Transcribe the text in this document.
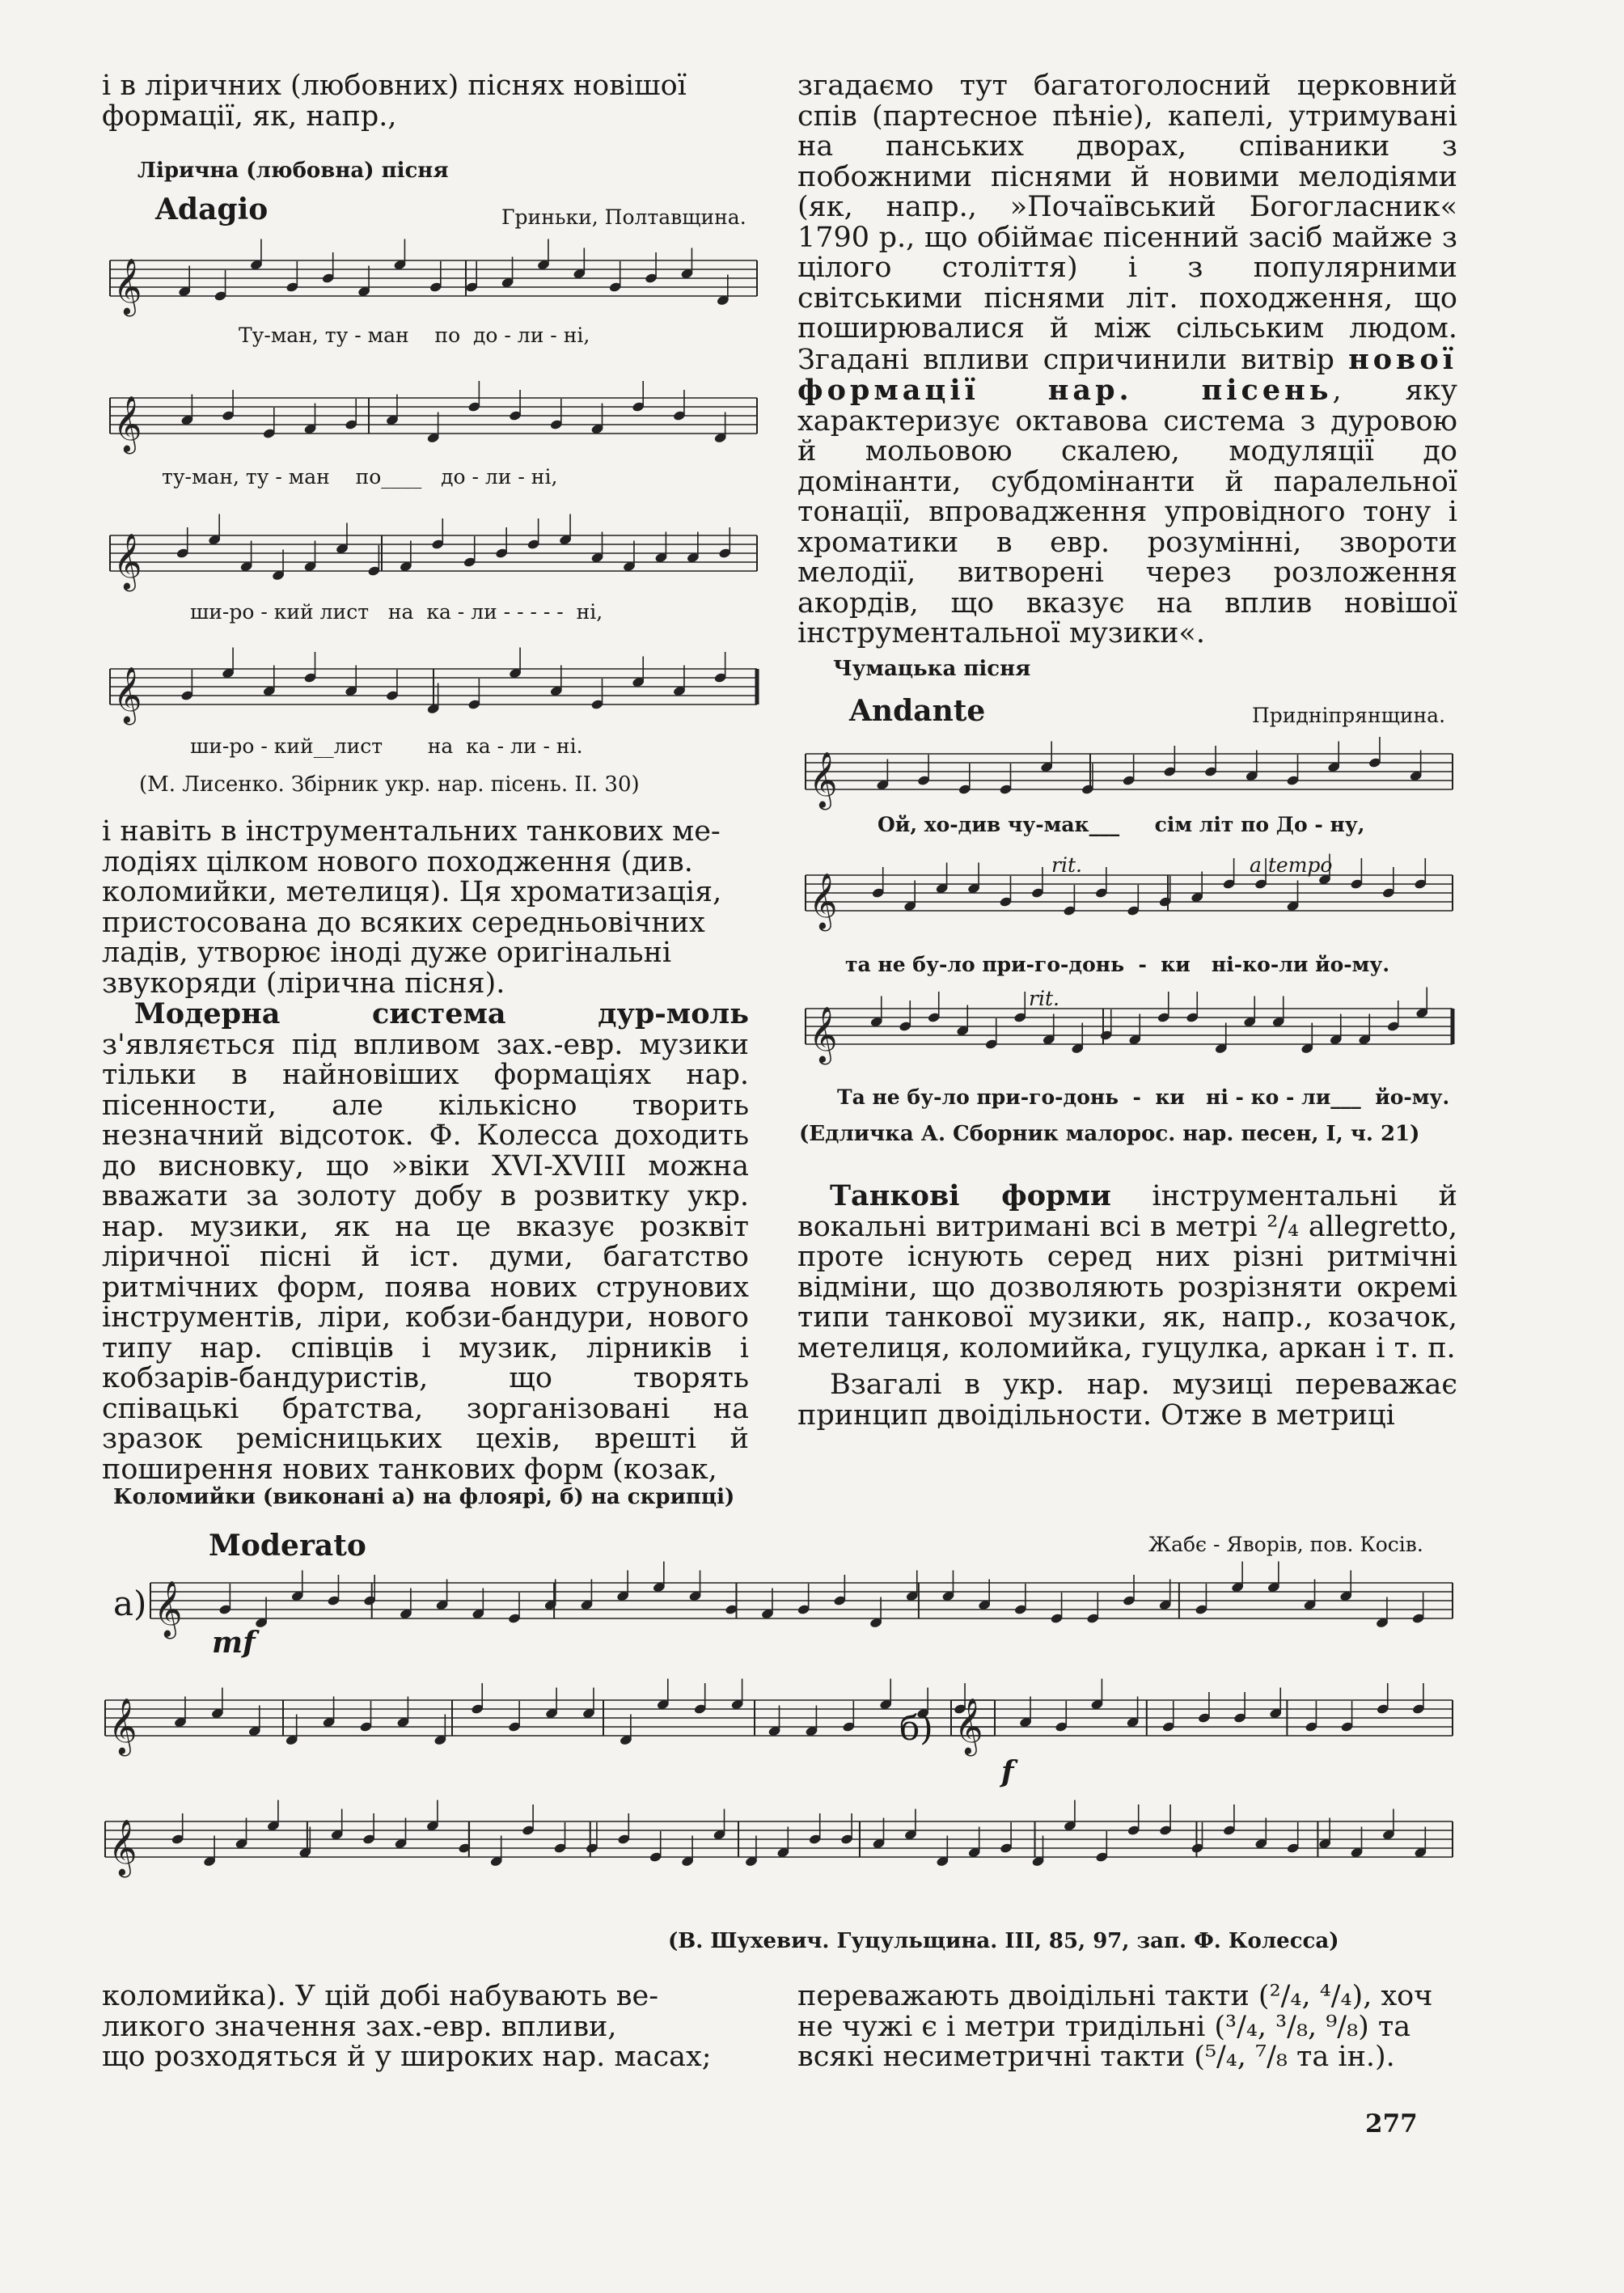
і в ліричних (любовних) піснях новішої

формації, як, напр.,

Лірична (любовна) пісня
Adagio	Гриньки, Полтавщина.
𝄞
Ту-ман, ту - ман    по  до - ли - ні,
𝄞
ту-ман, ту - ман    по____   до - ли - ні,
𝄞
ши-ро - кий лист   на  ка - ли - - - - -  ні,
𝄞
ши-ро - кий__лист       на  ка - ли - ні.
(М. Лисенко. Збірник укр. нар. пісень. II. 30)

і навіть в інструментальних танкових ме-

лодіях цілком нового походження (див.

коломийки, метелиця). Ця хроматизація,

пристосована до всяких середньовічних

ладів, утворює іноді дуже оригінальні

звукоряди (лірична пісня).

Модерна система дур-моль з'являється під впливом зах.-евр. музики тільки в найновіших формаціях нар. пісенности, але кількісно творить незначний відсоток. Ф. Колесса доходить до висновку, що »віки XVI-XVIII можна вважати за золоту добу в розвитку укр. нар. музики, як на це вказує розквіт ліричної пісні й іст. думи, багатство ритмічних форм, поява нових струнових інструментів, ліри, кобзи-бандури, нового типу нар. співців і музик, лірників і кобзарів-бандуристів, що творять співацькі братства, зорганізовані на зразок ремісницьких цехів, врешті й поширення нових танкових форм (козак,

згадаємо тут багатоголосний церковний спів (партесное пѣніе), капелі, утримувані на панських дворах, співаники з побожними піснями й новими мелодіями (як, напр., »Почаївський Богогласник« 1790 р., що обіймає пісенний засіб майже з цілого століття) і з популярними світськими піснями літ. походження, що поширювалися й між сільським людом. Згадані впливи спричинили витвір нової формації нар. пісень, яку характеризує октавова система з дуровою й мольовою скалею, модуляції до домінанти, субдомінанти й паралельної тонації, впровадження упровідного тону і хроматики в евр. розумінні, звороти мелодії, витворені через розложення акордів, що вказує на вплив новішої інструментальної музики«.

Чумацька пісня
Andante	Придніпрянщина.
𝄞
Ой, хо-див чу-мак___     сім літ по До - ну,
rit.	a tempo
𝄞
та не бу-ло при-го-донь  -  ки   ні-ко-ли йо-му.
rit.
𝄞
Та не бу-ло при-го-донь  -  ки   ні - ко - ли___  йо-му.
(Едличка А. Сборник малорос. нар. песен, I, ч. 21)

Танкові форми інструментальні й вокальні витримані всі в метрі ²/₄ allegretto, проте існують серед них різні ритмічні відміни, що дозволяють розрізняти окремі типи танкової музики, як, напр., козачок, метелиця, коломийка, гуцулка, аркан і т. п.

Взагалі в укр. нар. музиці переважає принцип двоідільности. Отже в метриці

Коломийки (виконані а) на флоярі, б) на скрипці)
Moderato	Жабє - Яворів, пов. Косів.
а) 𝄞
mf
𝄞	б) 𝄞
f
𝄞
(В. Шухевич. Гуцульщина. III, 85, 97, зап. Ф. Колесса)

коломийка). У цій добі набувають ве-

ликого значення зах.-евр. впливи,

що розходяться й у широких нар. масах;

переважають двоідільні такти (²/₄, ⁴/₄), хоч

не чужі є і метри тридільні (³/₄, ³/₈, ⁹/₈) та

всякі несиметричні такти (⁵/₄, ⁷/₈ та ін.).

277
